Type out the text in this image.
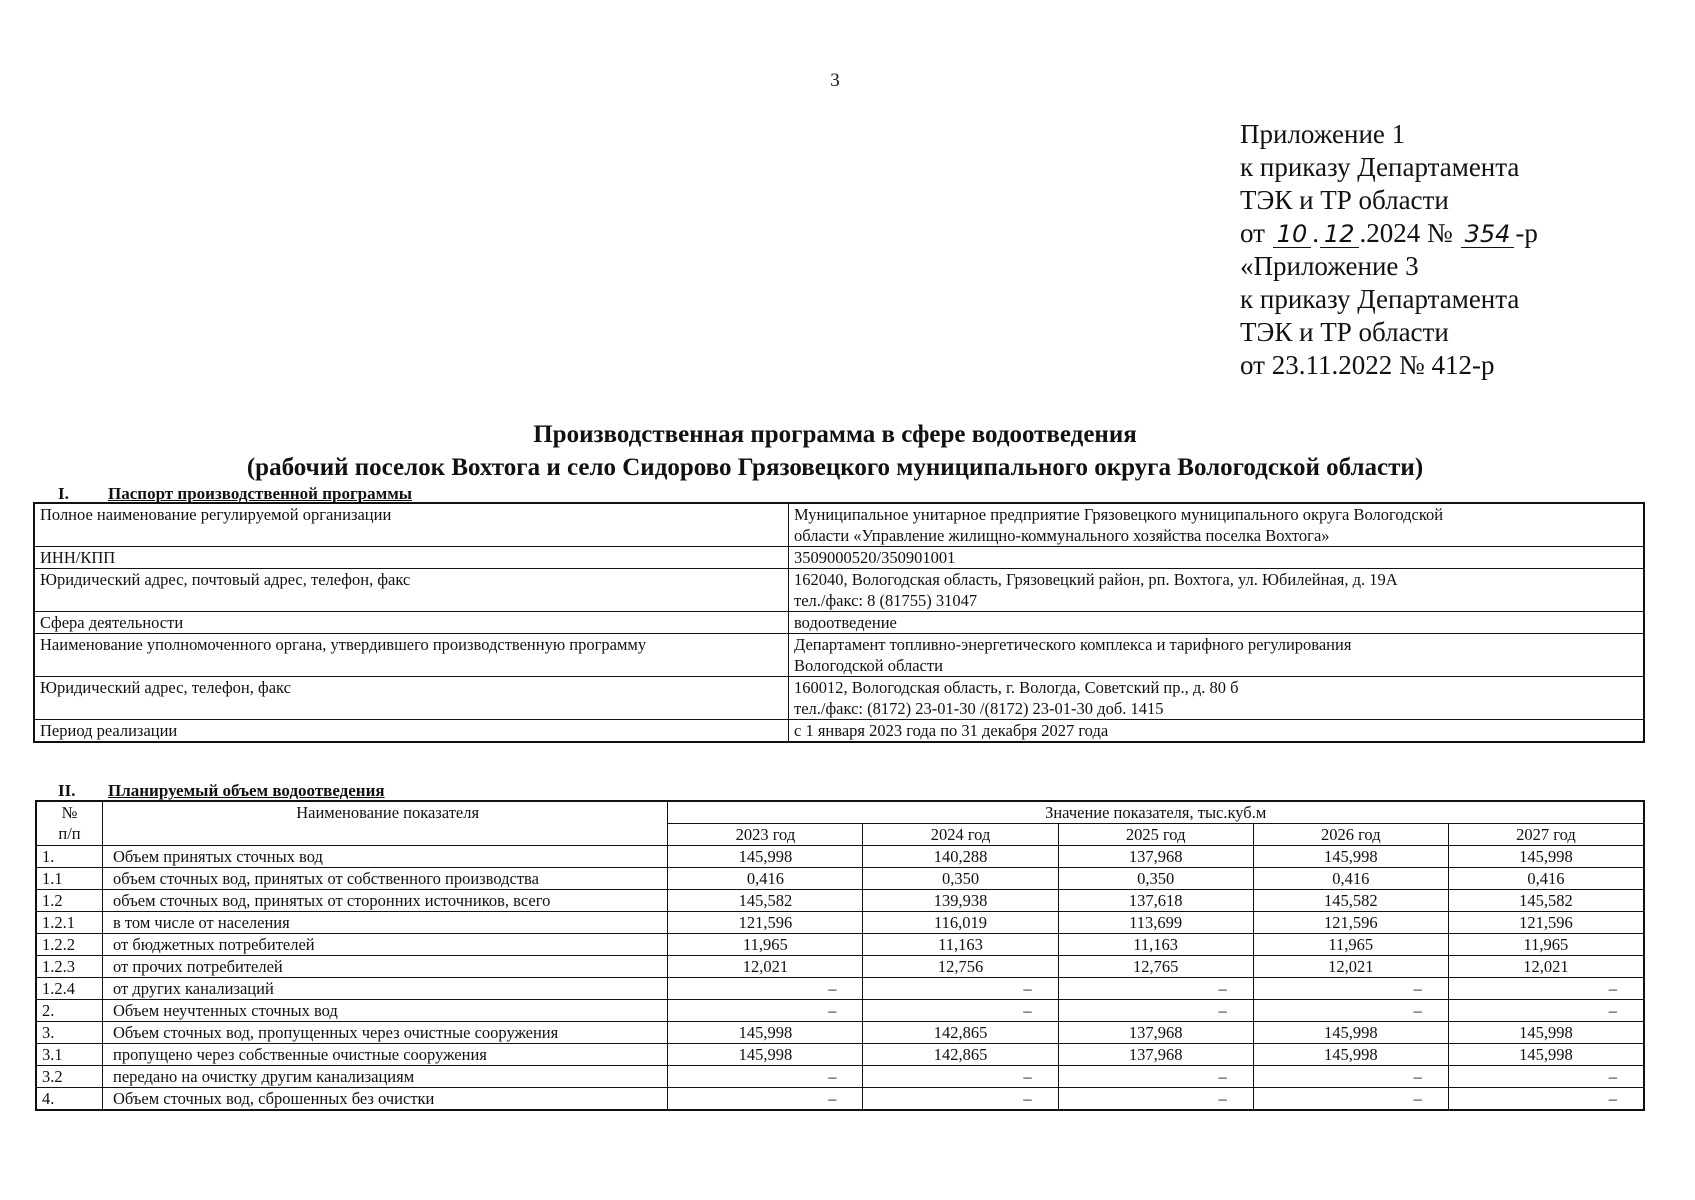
3
Приложение 1
к приказу Департамента
ТЭК и ТР области
от 10 . 12 .2024 № 354 -р
«Приложение 3
к приказу Департамента
ТЭК и ТР области
от 23.11.2022 № 412-р
Производственная программа в сфере водоотведения
(рабочий поселок Вохтога и село Сидорово Грязовецкого муниципального округа Вологодской области)
I. Паспорт производственной программы
Полное наименование регулируемой организации	Муниципальное унитарное предприятие Грязовецкого муниципального округа Вологодской
области «Управление жилищно-коммунального хозяйства поселка Вохтога»

ИНН/КПП	3509000520/350901001

Юридический адрес, почтовый адрес, телефон, факс	162040, Вологодская область, Грязовецкий район, рп. Вохтога, ул. Юбилейная, д. 19А
тел./факс: 8 (81755) 31047

Сфера деятельности	водоотведение

Наименование уполномоченного органа, утвердившего производственную программу	Департамент топливно-энергетического комплекса и тарифного регулирования
Вологодской области

Юридический адрес, телефон, факс	160012, Вологодская область, г. Вологда, Советский пр., д. 80 б
тел./факс: (8172) 23-01-30 /(8172) 23-01-30 доб. 1415

Период реализации	с 1 января 2023 года по 31 декабря 2027 года
II. Планируемый объем водоотведения
№
п/п	Наименование показателя	Значение показателя, тыс.куб.м				
		2023 год	2024 год	2025 год	2026 год	2027 год
1.	Объем принятых сточных вод	145,998	140,288	137,968	145,998	145,998
1.1	объем сточных вод, принятых от собственного производства	0,416	0,350	0,350	0,416	0,416
1.2	объем сточных вод, принятых от сторонних источников, всего	145,582	139,938	137,618	145,582	145,582
1.2.1	в том числе от населения	121,596	116,019	113,699	121,596	121,596
1.2.2	от бюджетных потребителей	11,965	11,163	11,163	11,965	11,965
1.2.3	от прочих потребителей	12,021	12,756	12,765	12,021	12,021
1.2.4	от других канализаций	–	–	–	–	–
2.	Объем неучтенных сточных вод	–	–	–	–	–
3.	Объем сточных вод, пропущенных через очистные сооружения	145,998	142,865	137,968	145,998	145,998
3.1	пропущено через собственные очистные сооружения	145,998	142,865	137,968	145,998	145,998
3.2	передано на очистку другим канализациям	–	–	–	–	–
4.	Объем сточных вод, сброшенных без очистки	–	–	–	–	–
